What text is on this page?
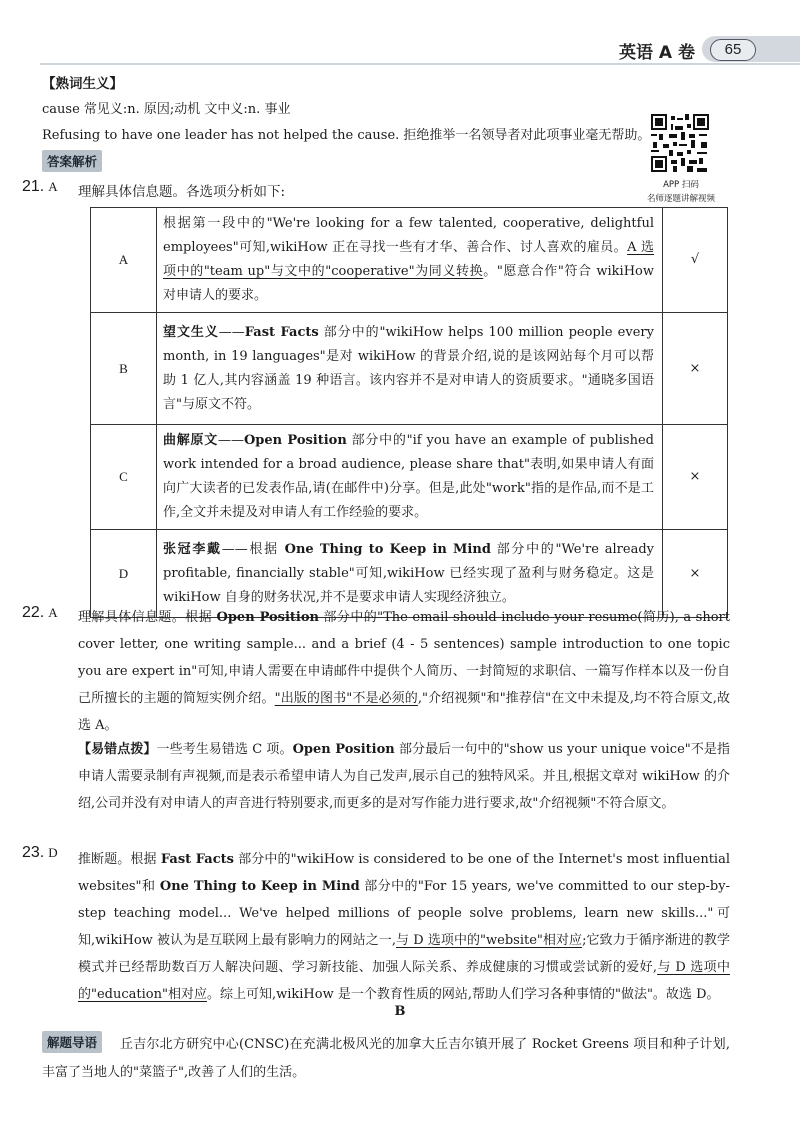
英语 A 卷	65
【熟词生义】
cause 常见义:n. 原因;动机 文中义:n. 事业
Refusing to have one leader has not helped the cause. 拒绝推举一名领导者对此项事业毫无帮助。
APP 扫码
名师逐题讲解视频
答案解析
21. A 理解具体信息题。各选项分析如下:
A	根据第一段中的"We're looking for a few talented, cooperative, delightful employees"可知,wikiHow 正在寻找一些有才华、善合作、讨人喜欢的雇员。A 选项中的"team up"与文中的"cooperative"为同义转换。"愿意合作"符合 wikiHow 对申请人的要求。	√
B	望文生义——Fast Facts 部分中的"wikiHow helps 100 million people every month, in 19 languages"是对 wikiHow 的背景介绍,说的是该网站每个月可以帮助 1 亿人,其内容涵盖 19 种语言。该内容并不是对申请人的资质要求。"通晓多国语言"与原文不符。	×
C	曲解原文——Open Position 部分中的"if you have an example of published work intended for a broad audience, please share that"表明,如果申请人有面向广大读者的已发表作品,请(在邮件中)分享。但是,此处"work"指的是作品,而不是工作,全文并未提及对申请人有工作经验的要求。	×
D	张冠李戴——根据 One Thing to Keep in Mind 部分中的"We're already profitable, financially stable"可知,wikiHow 已经实现了盈利与财务稳定。这是 wikiHow 自身的财务状况,并不是要求申请人实现经济独立。	×
22. A 理解具体信息题。根据 Open Position 部分中的"The email should include your resume(简历), a short cover letter, one writing sample... and a brief (4 - 5 sentences) sample introduction to one topic you are expert in"可知,申请人需要在申请邮件中提供个人简历、一封简短的求职信、一篇写作样本以及一份自己所擅长的主题的简短实例介绍。"出版的图书"不是必须的,"介绍视频"和"推荐信"在文中未提及,均不符合原文,故选 A。
【易错点拨】一些考生易错选 C 项。Open Position 部分最后一句中的"show us your unique voice"不是指申请人需要录制有声视频,而是表示希望申请人为自己发声,展示自己的独特风采。并且,根据文章对 wikiHow 的介绍,公司并没有对申请人的声音进行特别要求,而更多的是对写作能力进行要求,故"介绍视频"不符合原文。
23. D 推断题。根据 Fast Facts 部分中的"wikiHow is considered to be one of the Internet's most influential websites"和 One Thing to Keep in Mind 部分中的"For 15 years, we've committed to our step-by-step teaching model... We've helped millions of people solve problems, learn new skills..."可知,wikiHow 被认为是互联网上最有影响力的网站之一,与 D 选项中的"website"相对应;它致力于循序渐进的教学模式并已经帮助数百万人解决问题、学习新技能、加强人际关系、养成健康的习惯或尝试新的爱好,与 D 选项中的"education"相对应。综上可知,wikiHow 是一个教育性质的网站,帮助人们学习各种事情的"做法"。故选 D。
B
解题导语	丘吉尔北方研究中心(CNSC)在充满北极风光的加拿大丘吉尔镇开展了 Rocket Greens 项目和种子计划,丰富了当地人的"菜篮子",改善了人们的生活。
